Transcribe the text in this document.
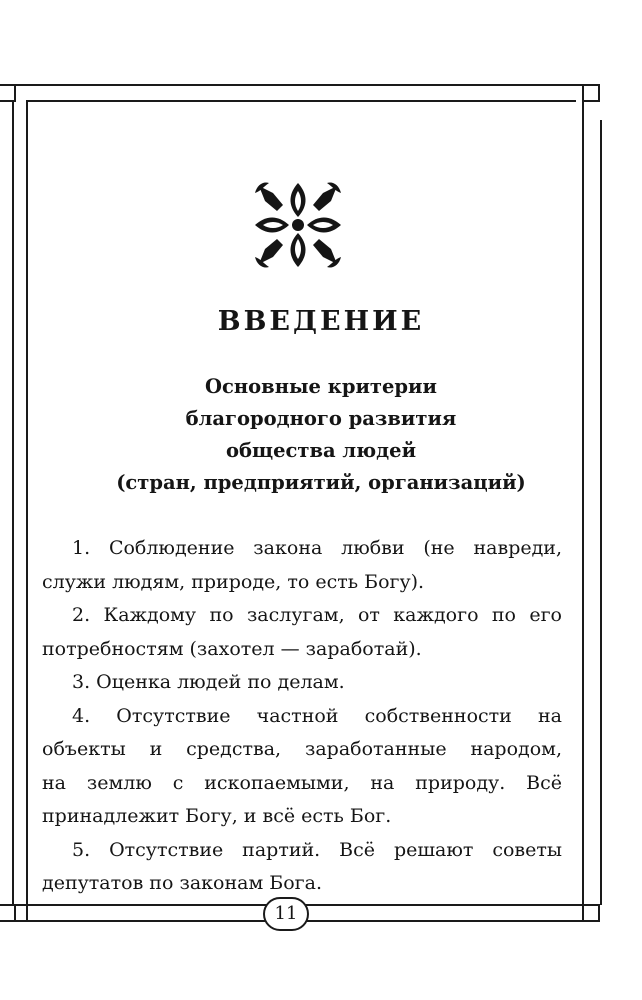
ВВЕДЕНИЕ
Основные критерии
благородного развития
общества людей
(стран, предприятий, организаций)
1. Соблюдение закона любви (не навреди,
служи людям, природе, то есть Богу).
2. Каждому по заслугам, от каждого по его
потребностям (захотел — заработай).
3. Оценка людей по делам.
4. Отсутствие частной собственности на
объекты и средства, заработанные народом,
на землю с ископаемыми, на природу. Всё
принадлежит Богу, и всё есть Бог.
5. Отсутствие партий. Всё решают советы
депутатов по законам Бога.
11
